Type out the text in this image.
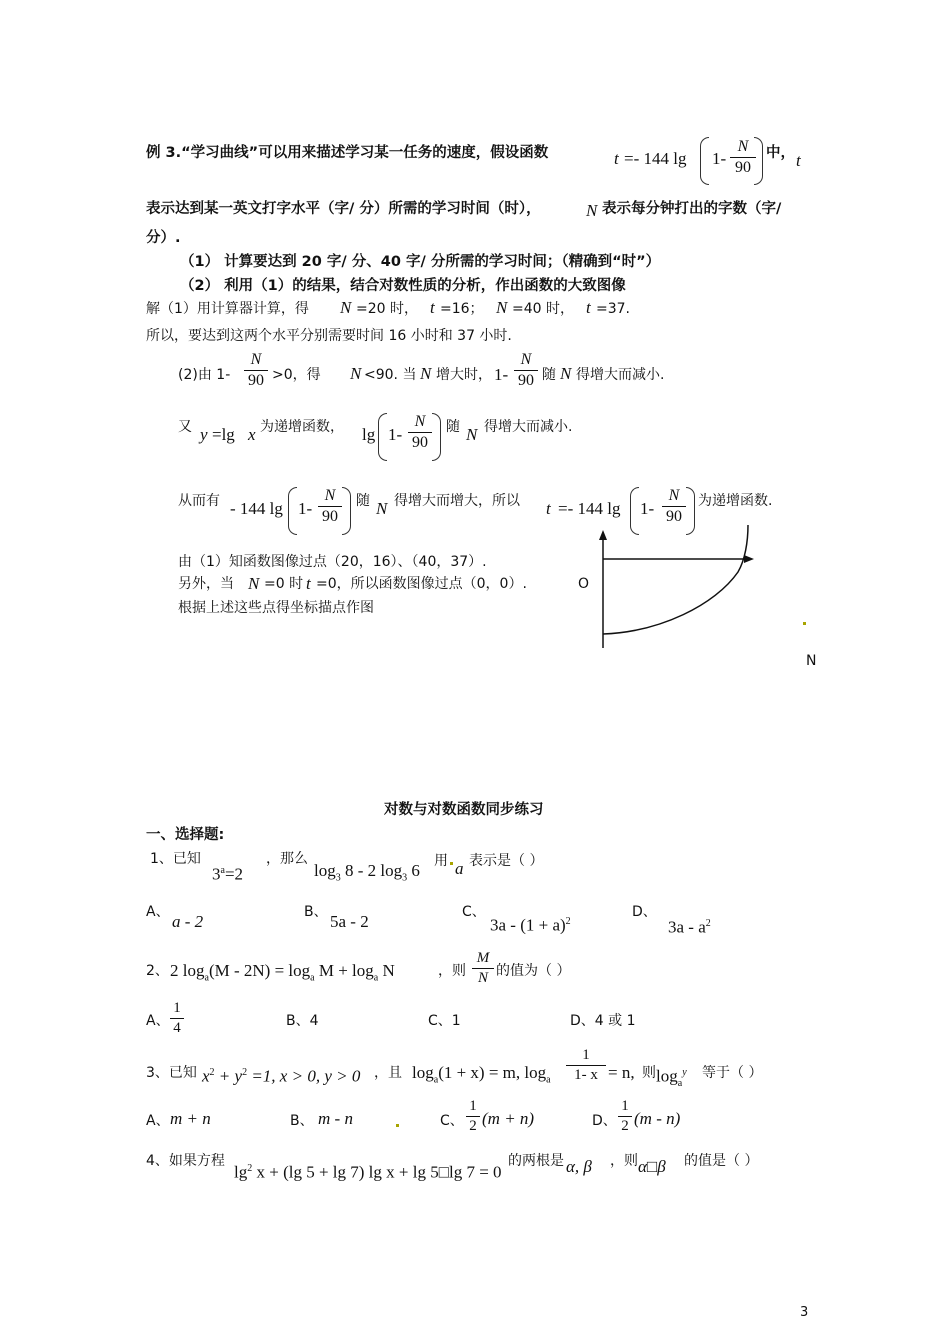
例 3.“学习曲线”可以用来描述学习某一任务的速度，假设函数	t =- 144 lg 1-
N
90
中， t
表示达到某一英文打字水平（字/ 分）所需的学习时间（时），	N 表示每分钟打出的字数（字/
分）.
（1） 计算要达到 20 字/ 分、40 字/ 分所需的学习时间；（精确到“时”）
（2） 利用（1）的结果，结合对数性质的分析，作出函数的大致图像
解（1）用计算器计算，得 N =20 时， t =16； N =40 时， t =37.
所以，要达到这两个水平分别需要时间 16 小时和 37 小时.
(2)由 1-
N
90 >0，得 N <90. 当 N 增大时， 1-
N
90 随 N 得增大而减小.
又 y =lg x 为递增函数， lg 1-
N
90
随 N 得增大而减小.
从而有 - 144 lg 1-
N
90
随 N 得增大而增大，所以 t =- 144 lg 1-
N
90
为递增函数.
由（1）知函数图像过点（20，16）、（40，37）.
另外，当 N =0 时 t =0，所以函数图像过点（0，0）.	O
根据上述这些点得坐标描点作图
N
对数与对数函数同步练习
一、选择题:
1、已知
$3^a=2$
，那么
$\log_3 8 - 2$ $\log_3 6$ 用 a 表示是（ ）
A、 a - 2	B、 5a - 2	C、
$3a - (1 + a)^2$
D、
$3a - a^2$
2、 2 $\log_a(M - 2N) = \log_a M + \log_a N$	，则
M
N 的值为（ ）
A、
1
4	B、4	C、1	D、4 或 1
3、已知 $x^2 + y^2 =1$, x > 0, y > 0 ，且 $\log_a(1 + x) = m$, $\log_a$
1
1- x = n, 则 $\log_a^y$ 等于（ ）
A、 m + n	B、 m - n	C、
1
2 (m + n)	D、
1
2 (m - n)
4、如果方程
$\lg^2 x + (\lg$ 5 + lg 7) lg x + lg 5□lg 7 = 0
的两根是 α, β ，则 α□β 的值是（ ）
3
